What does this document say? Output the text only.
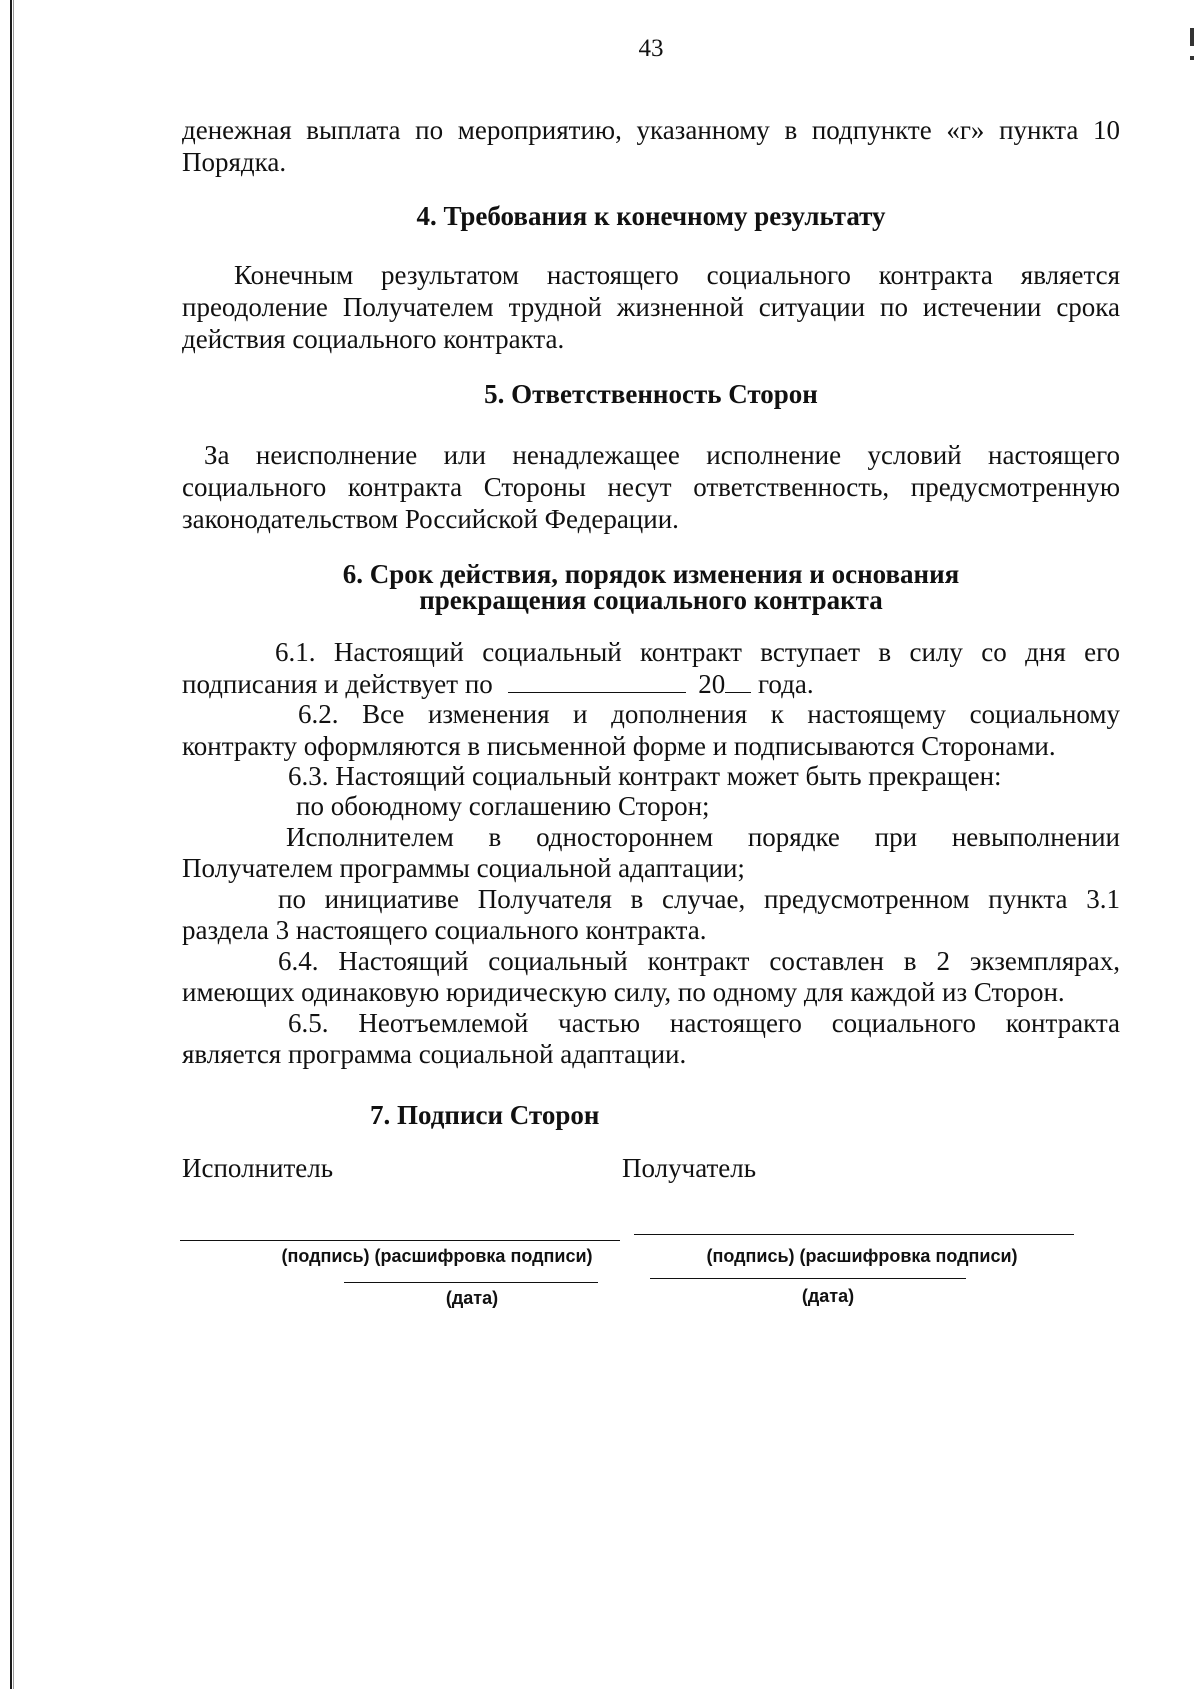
43
денежная выплата по мероприятию, указанному в подпункте «г» пункта 10
Порядка.
4. Требования к конечному результату
Конечным результатом настоящего социального контракта является
преодоление Получателем трудной жизненной ситуации по истечении срока
действия социального контракта.
5. Ответственность Сторон
За неисполнение или ненадлежащее исполнение условий настоящего
социального контракта Стороны несут ответственность, предусмотренную
законодательством Российской Федерации.
6. Срок действия, порядок изменения и основания
прекращения социального контракта
6.1. Настоящий социальный контракт вступает в силу со дня его
подписания и действует по	20 года.
6.2. Все изменения и дополнения к настоящему социальному
контракту оформляются в письменной форме и подписываются Сторонами.
6.3. Настоящий социальный контракт может быть прекращен:
по обоюдному соглашению Сторон;
Исполнителем в одностороннем порядке при невыполнении
Получателем программы социальной адаптации;
по инициативе Получателя в случае, предусмотренном пункта 3.1
раздела 3 настоящего социального контракта.
6.4. Настоящий социальный контракт составлен в 2 экземплярах,
имеющих одинаковую юридическую силу, по одному для каждой из Сторон.
6.5. Неотъемлемой частью настоящего социального контракта
является программа социальной адаптации.
7. Подписи Сторон
Исполнитель	Получатель
(подпись) (расшифровка подписи)	(подпись) (расшифровка подписи)
(дата)	(дата)
